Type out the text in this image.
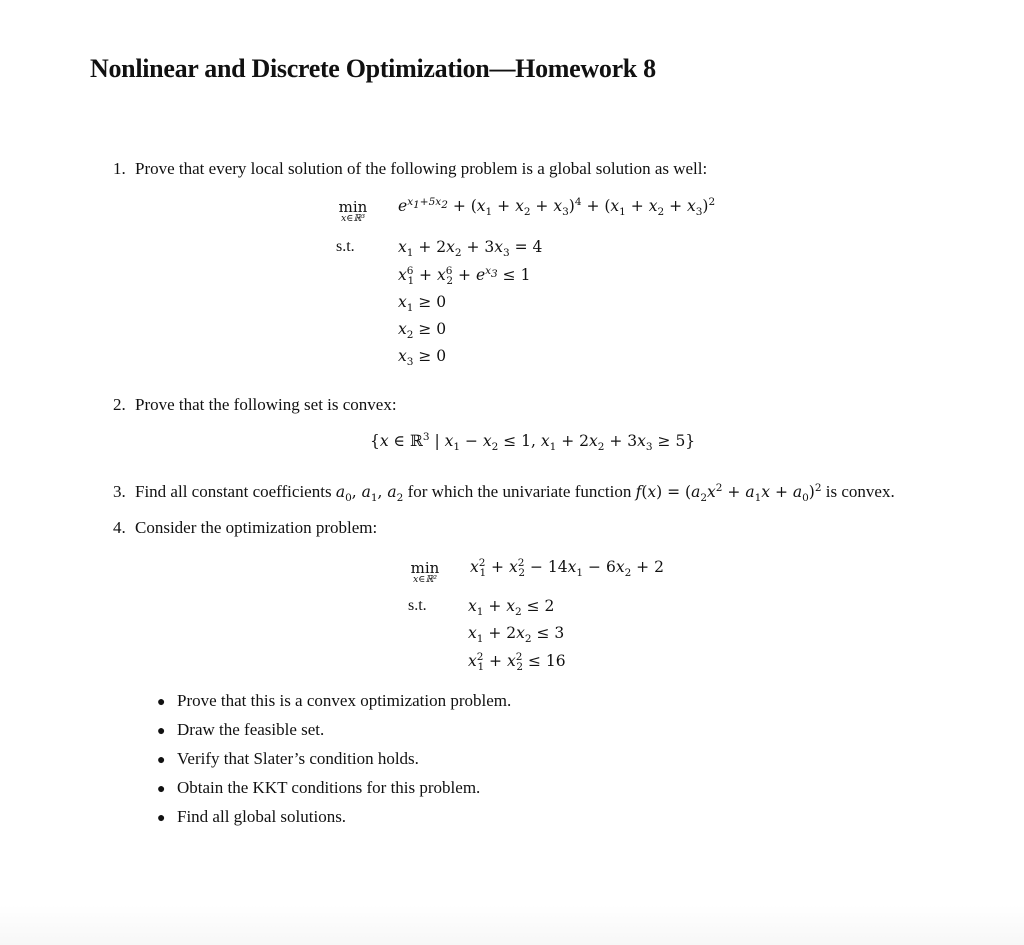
Nonlinear and Discrete Optimization—Homework 8
1. Prove that every local solution of the following problem is a global solution as well:
min
x∈ℝ³
$e^{x_1+5x_2} + (x_1 + x_2 + x_3)^4 + (x_1 + x_2 + x_3)^2$
s.t.	$x_1 + 2x_2 + 3x_3 = 4$
$x^6_1 + x^6_2 + e^{x_3} \le 1$
$x_1 \ge 0$
$x_2 \ge 0$
$x_3 \ge 0$
2. Prove that the following set is convex:
{x ∈ ℝ$^3$ | $x_1 - x_2 \le 1$, $x_1 + 2x_2 + 3x_3 \ge 5$}
3. Find all constant coefficients $a_0$, $a_1$, $a_2$ for which the univariate function $f(x) = (a_2x^2 + a_1x + a_0)^2$ is convex.
4. Consider the optimization problem:
min
x∈ℝ²
$x^2_1 + x^2_2 - 14x_1 - 6x_2 + 2$
s.t.	$x_1 + x_2 \le 2$
$x_1 + 2x_2 \le 3$
$x^2_1 + x^2_2 \le 16$
● Prove that this is a convex optimization problem.
● Draw the feasible set.
● Verify that Slater’s condition holds.
● Obtain the KKT conditions for this problem.
● Find all global solutions.
